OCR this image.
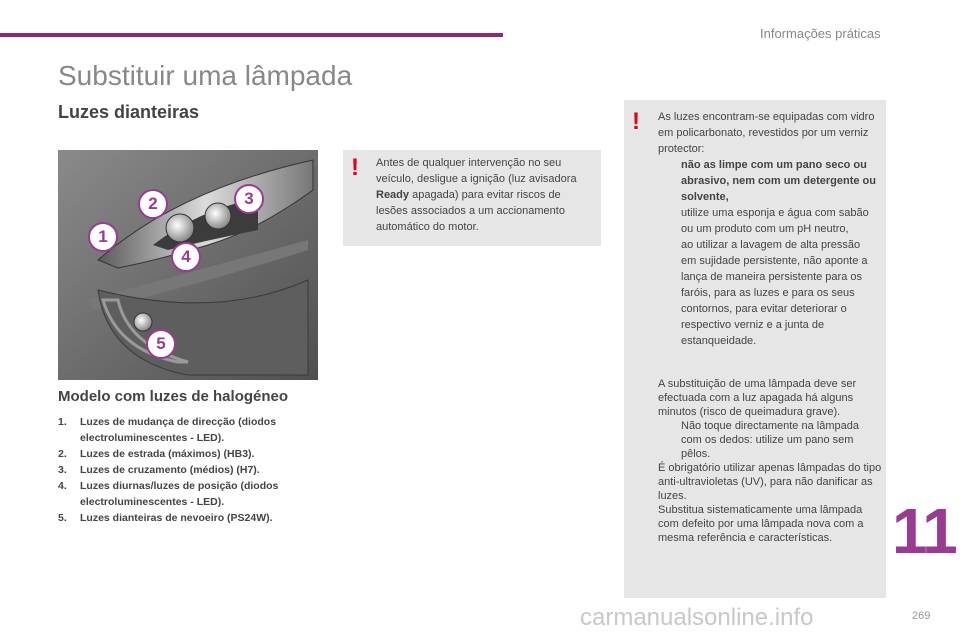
Informações práticas
Substituir uma lâmpada
Luzes dianteiras
1
2	3
4
5
Modelo com luzes de halogéneo
1.	Luzes de mudança de direcção (diodos electroluminescentes - LED).
2.	Luzes de estrada (máximos) (HB3).
3.	Luzes de cruzamento (médios) (H7).
4.	Luzes diurnas/luzes de posição (diodos electroluminescentes - LED).
5.	Luzes dianteiras de nevoeiro (PS24W).
! Antes de qualquer intervenção no seu veículo, desligue a ignição (luz avisadora Ready apagada) para evitar riscos de lesões associados a um accionamento automático do motor.
! As luzes encontram-se equipadas com vidro em policarbonato, revestidos por um verniz protector:
não as limpe com um pano seco ou abrasivo, nem com um detergente ou solvente,
utilize uma esponja e água com sabão ou um produto com um pH neutro,
ao utilizar a lavagem de alta pressão em sujidade persistente, não aponte a lança de maneira persistente para os faróis, para as luzes e para os seus contornos, para evitar deteriorar o respectivo verniz e a junta de estanqueidade.
A substituição de uma lâmpada deve ser efectuada com a luz apagada há alguns minutos (risco de queimadura grave).
Não toque directamente na lâmpada com os dedos: utilize um pano sem pêlos.
É obrigatório utilizar apenas lâmpadas do tipo anti-ultravioletas (UV), para não danificar as luzes.
Substitua sistematicamente uma lâmpada com defeito por uma lâmpada nova com a mesma referência e características. 11
269
carmanualsonline.info
